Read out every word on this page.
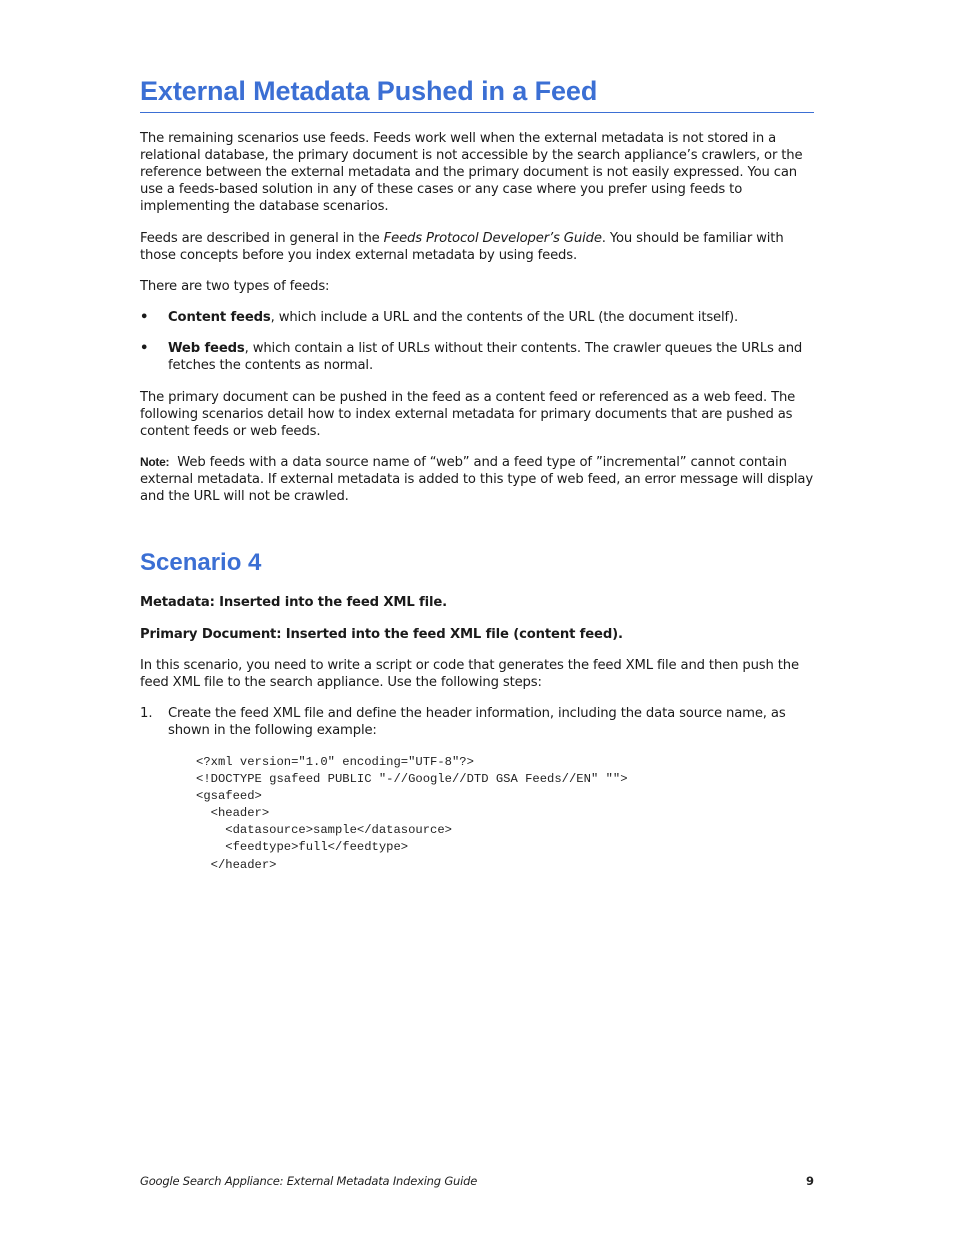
External Metadata Pushed in a Feed

The remaining scenarios use feeds. Feeds work well when the external metadata is not stored in a relational database, the primary document is not accessible by the search appliance’s crawlers, or the reference between the external metadata and the primary document is not easily expressed. You can use a feeds-based solution in any of these cases or any case where you prefer using feeds to implementing the database scenarios.

Feeds are described in general in the Feeds Protocol Developer’s Guide. You should be familiar with those concepts before you index external metadata by using feeds.

There are two types of feeds:

• Content feeds, which include a URL and the contents of the URL (the document itself).
• Web feeds, which contain a list of URLs without their contents. The crawler queues the URLs and fetches the contents as normal.

The primary document can be pushed in the feed as a content feed or referenced as a web feed. The following scenarios detail how to index external metadata for primary documents that are pushed as content feeds or web feeds.

Note: Web feeds with a data source name of “web” and a feed type of ”incremental” cannot contain external metadata. If external metadata is added to this type of web feed, an error message will display and the URL will not be crawled.

Scenario 4

Metadata: Inserted into the feed XML file.

Primary Document: Inserted into the feed XML file (content feed).

In this scenario, you need to write a script or code that generates the feed XML file and then push the feed XML file to the search appliance. Use the following steps:

1. Create the feed XML file and define the header information, including the data source name, as shown in the following example:
<?xml version="1.0" encoding="UTF-8"?>
<!DOCTYPE gsafeed PUBLIC "-//Google//DTD GSA Feeds//EN" "">
<gsafeed>
<header>
<datasource>sample</datasource>
<feedtype>full</feedtype>
</header>
Google Search Appliance: External Metadata Indexing Guide	9
